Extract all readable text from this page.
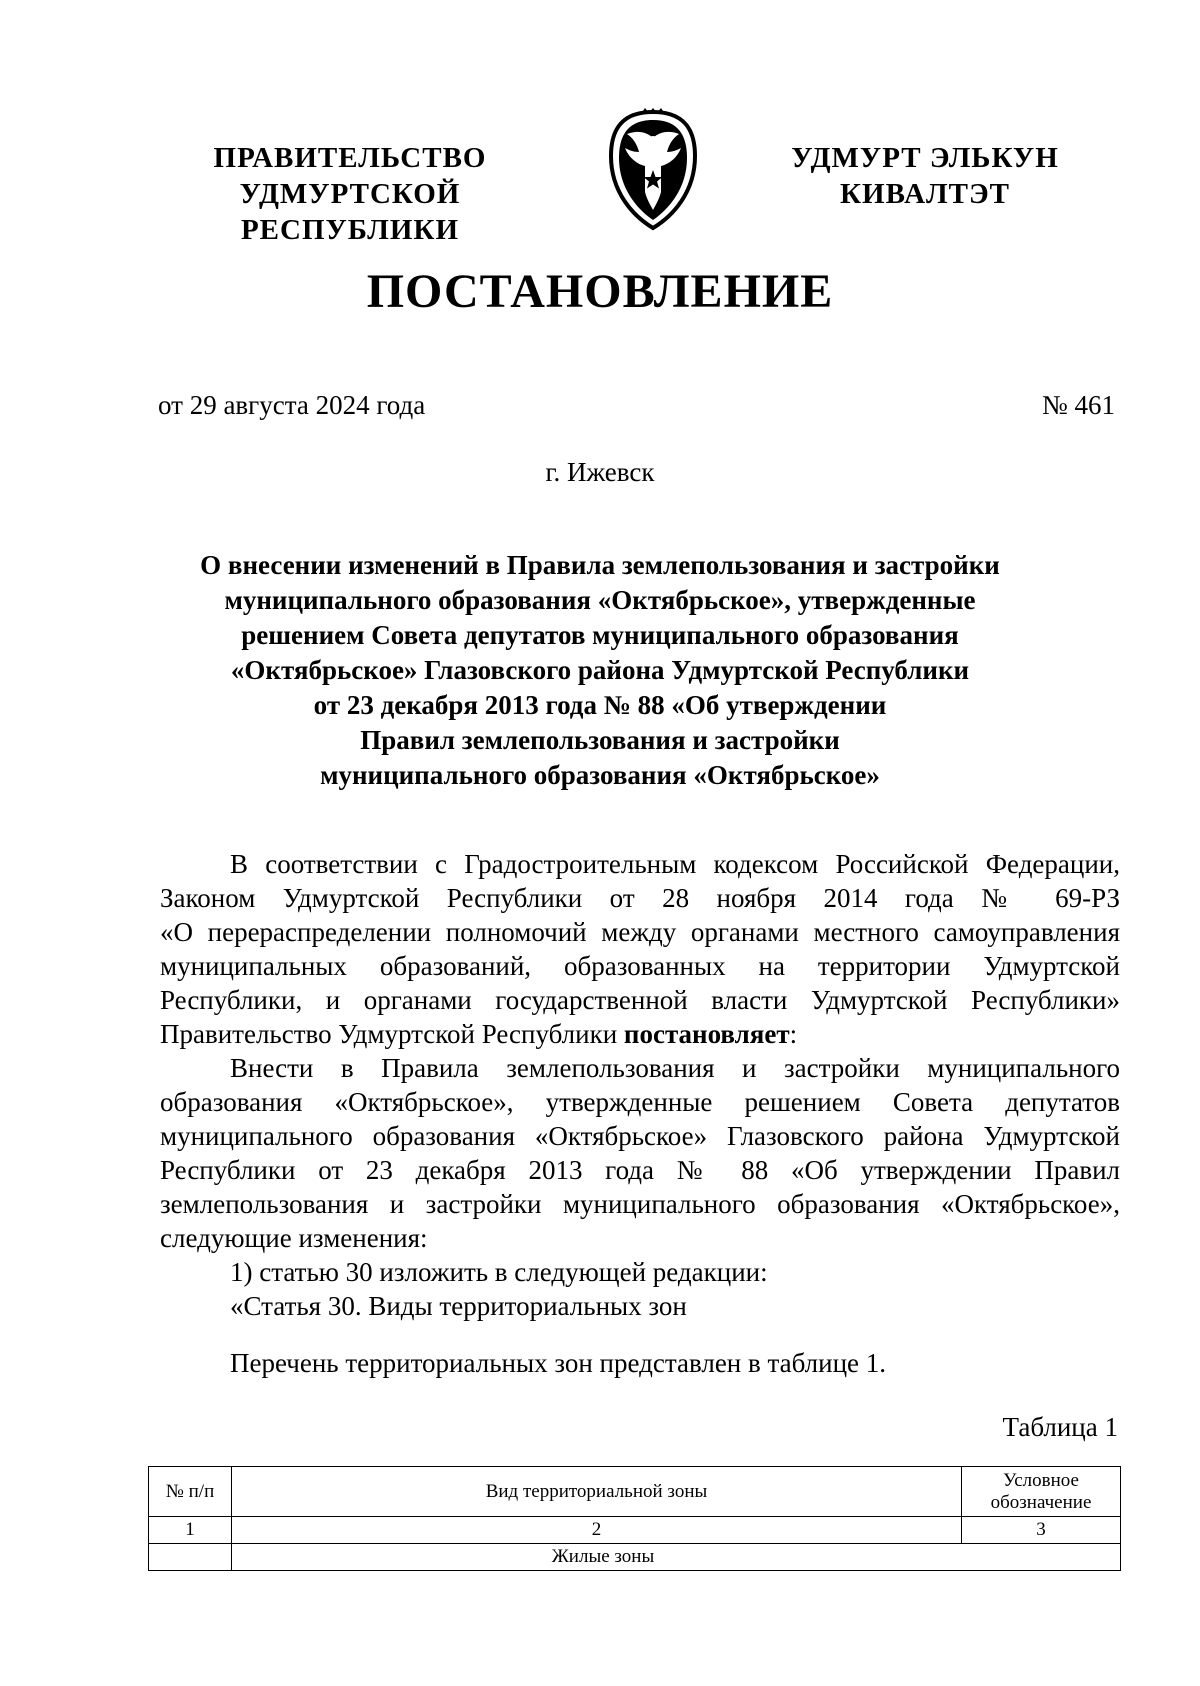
ПРАВИТЕЛЬСТВО
УДМУРТСКОЙ РЕСПУБЛИКИ
УДМУРТ ЭЛЬКУН
КИВАЛТЭТ
ПОСТАНОВЛЕНИЕ
от 29 августа 2024 года	№ 461
г. Ижевск
О внесении изменений в Правила землепользования и застройки
муниципального образования «Октябрьское», утвержденные
решением Совета депутатов муниципального образования
«Октябрьское» Глазовского района Удмуртской Республики
от 23 декабря 2013 года № 88 «Об утверждении
Правил землепользования и застройки
муниципального образования «Октябрьское»
В соответствии с Градостроительным кодексом Российской Федерации,
Законом Удмуртской Республики от 28 ноября 2014 года № 69-РЗ
«О перераспределении полномочий между органами местного самоуправления
муниципальных образований, образованных на территории Удмуртской
Республики, и органами государственной власти Удмуртской Республики»
Правительство Удмуртской Республики постановляет:
Внести в Правила землепользования и застройки муниципального
образования «Октябрьское», утвержденные решением Совета депутатов
муниципального образования «Октябрьское» Глазовского района Удмуртской
Республики от 23 декабря 2013 года № 88 «Об утверждении Правил
землепользования и застройки муниципального образования «Октябрьское»,
следующие изменения:
1) статью 30 изложить в следующей редакции:
«Статья 30. Виды территориальных зон
Перечень территориальных зон представлен в таблице 1.
Таблица 1
№ п/п	Вид территориальной зоны	Условное обозначение
1	2	3
	Жилые зоны	
